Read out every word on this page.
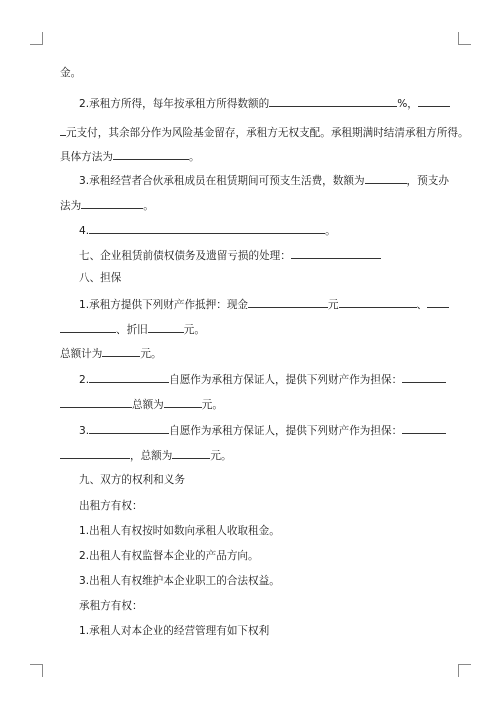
金。
2.承租方所得，每年按承租方所得数额的	%，
元支付，其余部分作为风险基金留存，承租方无权支配。承租期满时结清承租方所得。
具体方法为	。
3.承租经营者合伙承租成员在租赁期间可预支生活费，数额为	，预支办
法为	。
4.	。
七、企业租赁前债权债务及遗留亏损的处理：
八、担保
1.承租方提供下列财产作抵押：现金	元	、
、折旧	元。
总额计为	元。
2.	自愿作为承租方保证人，提供下列财产作为担保：
总额为	元。
3.	自愿作为承租方保证人，提供下列财产作为担保：
，总额为	元。
九、双方的权利和义务
出租方有权：
1.出租人有权按时如数向承租人收取租金。
2.出租人有权监督本企业的产品方向。
3.出租人有权维护本企业职工的合法权益。
承租方有权：
1.承租人对本企业的经营管理有如下权利
